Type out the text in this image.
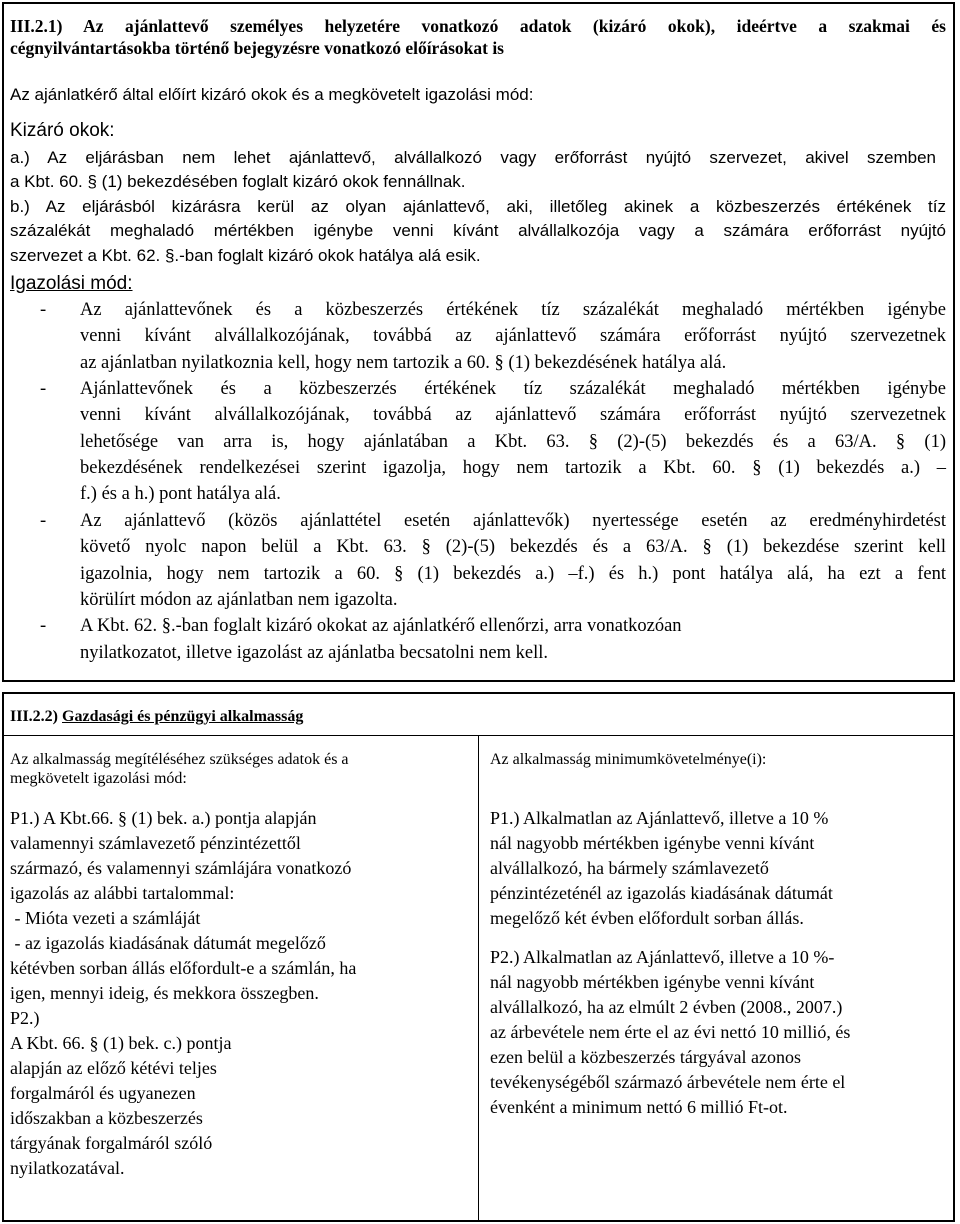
III.2.1) Az ajánlattevő személyes helyzetére vonatkozó adatok (kizáró okok), ideértve a szakmai és
cégnyilvántartásokba történő bejegyzésre vonatkozó előírásokat is
Az ajánlatkérő által előírt kizáró okok és a megkövetelt igazolási mód:
Kizáró okok:
a.) Az eljárásban nem lehet ajánlattevő, alvállalkozó vagy erőforrást nyújtó szervezet, akivel szemben
a Kbt. 60. § (1) bekezdésében foglalt kizáró okok fennállnak.
b.) Az eljárásból kizárásra kerül az olyan ajánlattevő, aki, illetőleg akinek a közbeszerzés értékének tíz
százalékát meghaladó mértékben igénybe venni kívánt alvállalkozója vagy a számára erőforrást nyújtó
szervezet a Kbt. 62. §.-ban foglalt kizáró okok hatálya alá esik.
Igazolási mód:
- Az ajánlattevőnek és a közbeszerzés értékének tíz százalékát meghaladó mértékben igénybe
venni kívánt alvállalkozójának, továbbá az ajánlattevő számára erőforrást nyújtó szervezetnek
az ajánlatban nyilatkoznia kell, hogy nem tartozik a 60. § (1) bekezdésének hatálya alá.
- Ajánlattevőnek és a közbeszerzés értékének tíz százalékát meghaladó mértékben igénybe
venni kívánt alvállalkozójának, továbbá az ajánlattevő számára erőforrást nyújtó szervezetnek
lehetősége van arra is, hogy ajánlatában a Kbt. 63. § (2)-(5) bekezdés és a 63/A. § (1)
bekezdésének rendelkezései szerint igazolja, hogy nem tartozik a Kbt. 60. § (1) bekezdés a.) –
f.) és a h.) pont hatálya alá.
- Az ajánlattevő (közös ajánlattétel esetén ajánlattevők) nyertessége esetén az eredményhirdetést
követő nyolc napon belül a Kbt. 63. § (2)-(5) bekezdés és a 63/A. § (1) bekezdése szerint kell
igazolnia, hogy nem tartozik a 60. § (1) bekezdés a.) –f.) és h.) pont hatálya alá, ha ezt a fent
körülírt módon az ajánlatban nem igazolta.
- A Kbt. 62. §.-ban foglalt kizáró okokat az ajánlatkérő ellenőrzi, arra vonatkozóan
nyilatkozatot, illetve igazolást az ajánlatba becsatolni nem kell.
III.2.2) Gazdasági és pénzügyi alkalmasság
Az alkalmasság megítéléséhez szükséges adatok és a
megkövetelt igazolási mód:
Az alkalmasság minimumkövetelménye(i):
P1.) A Kbt.66. § (1) bek. a.) pontja alapján
valamennyi számlavezető pénzintézettől
származó, és valamennyi számlájára vonatkozó
igazolás az alábbi tartalommal:
- Mióta vezeti a számláját
- az igazolás kiadásának dátumát megelőző
kétévben sorban állás előfordult-e a számlán, ha
igen, mennyi ideig, és mekkora összegben.
P2.)
A Kbt. 66. § (1) bek. c.) pontja
alapján az előző kétévi teljes
forgalmáról és ugyanezen
időszakban a közbeszerzés
tárgyának forgalmáról szóló
nyilatkozatával.
P1.) Alkalmatlan az Ajánlattevő, illetve a 10 %
nál nagyobb mértékben igénybe venni kívánt
alvállalkozó, ha bármely számlavezető
pénzintézeténél az igazolás kiadásának dátumát
megelőző két évben előfordult sorban állás.
P2.) Alkalmatlan az Ajánlattevő, illetve a 10 %-
nál nagyobb mértékben igénybe venni kívánt
alvállalkozó, ha az elmúlt 2 évben (2008., 2007.)
az árbevétele nem érte el az évi nettó 10 millió, és
ezen belül a közbeszerzés tárgyával azonos
tevékenységéből származó árbevétele nem érte el
évenként a minimum nettó 6 millió Ft-ot.
